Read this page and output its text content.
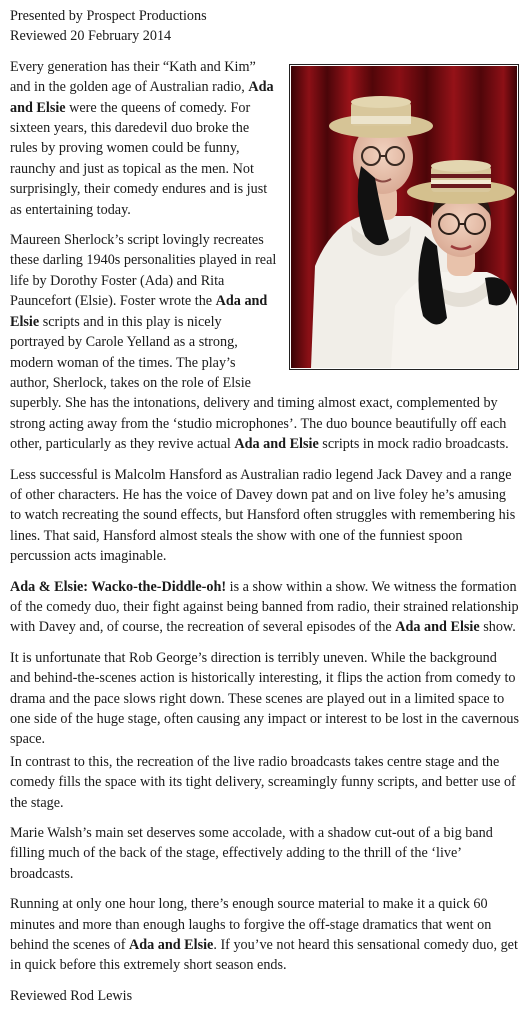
Presented by Prospect Productions
Reviewed 20 February 2014

Every generation has their “Kath and Kim” and in the golden age of Australian radio, Ada and Elsie were the queens of comedy. For sixteen years, this daredevil duo broke the rules by proving women could be funny, raunchy and just as topical as the men. Not surprisingly, their comedy endures and is just as entertaining today.

Maureen Sherlock’s script lovingly recreates these darling 1940s personalities played in real life by Dorothy Foster (Ada) and Rita Pauncefort (Elsie). Foster wrote the Ada and Elsie scripts and in this play is nicely portrayed by Carole Yelland as a strong, modern woman of the times. The play’s author, Sherlock, takes on the role of Elsie superbly. She has the intonations, delivery and timing almost exact, complemented by strong acting away from the ‘studio microphones’. The duo bounce beautifully off each other, particularly as they revive actual Ada and Elsie scripts in mock radio broadcasts.

Less successful is Malcolm Hansford as Australian radio legend Jack Davey and a range of other characters. He has the voice of Davey down pat and on live foley he’s amusing to watch recreating the sound effects, but Hansford often struggles with remembering his lines. That said, Hansford almost steals the show with one of the funniest spoon percussion acts imaginable.

Ada & Elsie: Wacko-the-Diddle-oh! is a show within a show. We witness the formation of the comedy duo, their fight against being banned from radio, their strained relationship with Davey and, of course, the recreation of several episodes of the Ada and Elsie show.

It is unfortunate that Rob George’s direction is terribly uneven. While the background and behind-the-scenes action is historically interesting, it flips the action from comedy to drama and the pace slows right down. These scenes are played out in a limited space to one side of the huge stage, often causing any impact or interest to be lost in the cavernous space.

In contrast to this, the recreation of the live radio broadcasts takes centre stage and the comedy fills the space with its tight delivery, screamingly funny scripts, and better use of the stage.

Marie Walsh’s main set deserves some accolade, with a shadow cut-out of a big band filling much of the back of the stage, effectively adding to the thrill of the ‘live’ broadcasts.

Running at only one hour long, there’s enough source material to make it a quick 60 minutes and more than enough laughs to forgive the off-stage dramatics that went on behind the scenes of Ada and Elsie. If you’ve not heard this sensational comedy duo, get in quick before this extremely short season ends.

Reviewed Rod Lewis
